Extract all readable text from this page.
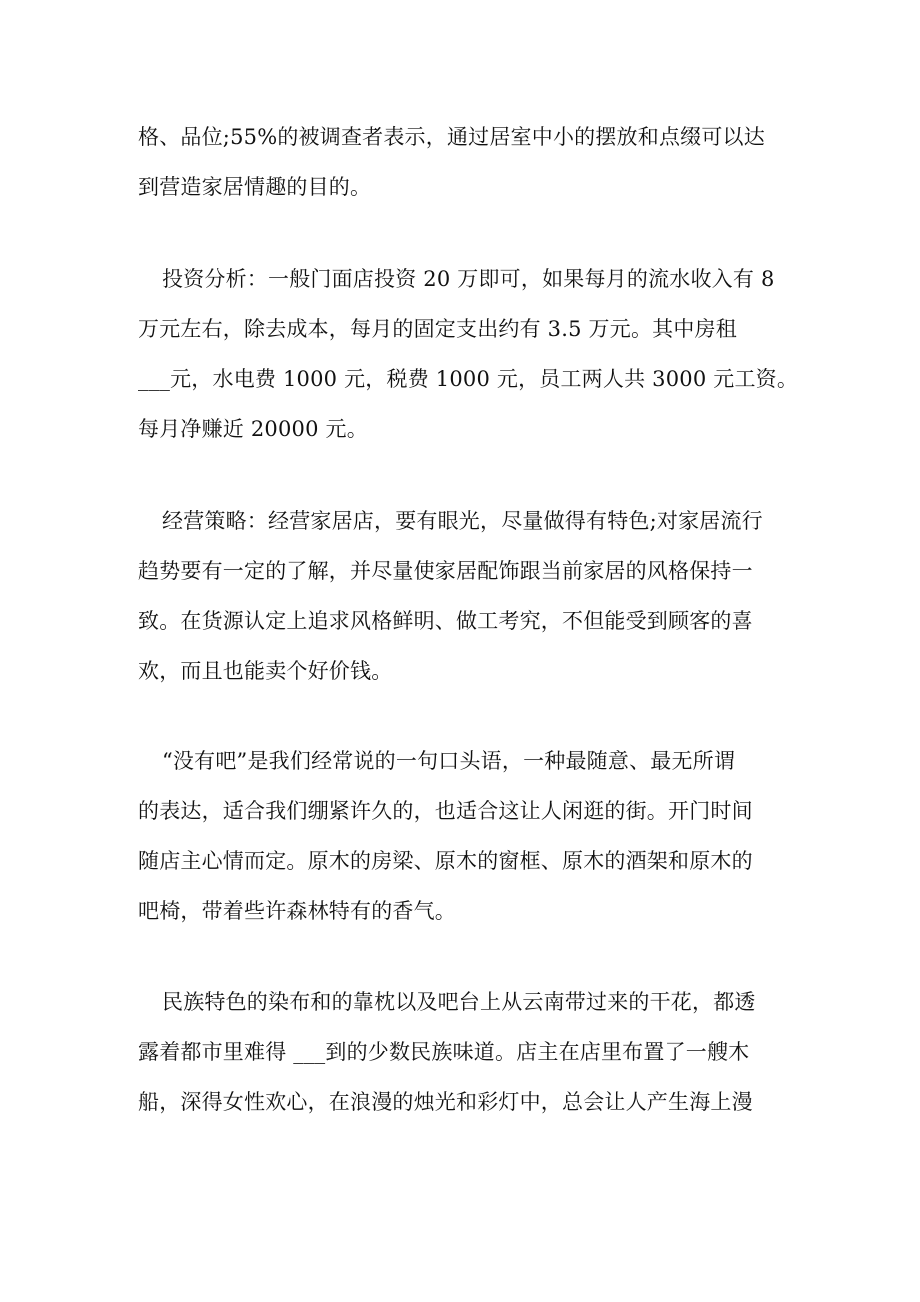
格、品位;55%的被调查者表示，通过居室中小的摆放和点缀可以达
到营造家居情趣的目的。
投资分析：一般门面店投资 20 万即可，如果每月的流水收入有 8
万元左右，除去成本，每月的固定支出约有 3.5 万元。其中房租
___元，水电费 1000 元，税费 1000 元，员工两人共 3000 元工资。
每月净赚近 20000 元。
经营策略：经营家居店，要有眼光，尽量做得有特色;对家居流行
趋势要有一定的了解，并尽量使家居配饰跟当前家居的风格保持一
致。在货源认定上追求风格鲜明、做工考究，不但能受到顾客的喜
欢，而且也能卖个好价钱。
“没有吧”是我们经常说的一句口头语，一种最随意、最无所谓
的表达，适合我们绷紧许久的，也适合这让人闲逛的街。开门时间
随店主心情而定。原木的房梁、原木的窗框、原木的酒架和原木的
吧椅，带着些许森林特有的香气。
民族特色的染布和的靠枕以及吧台上从云南带过来的干花，都透
露着都市里难得 ___到的少数民族味道。店主在店里布置了一艘木
船，深得女性欢心，在浪漫的烛光和彩灯中，总会让人产生海上漫
